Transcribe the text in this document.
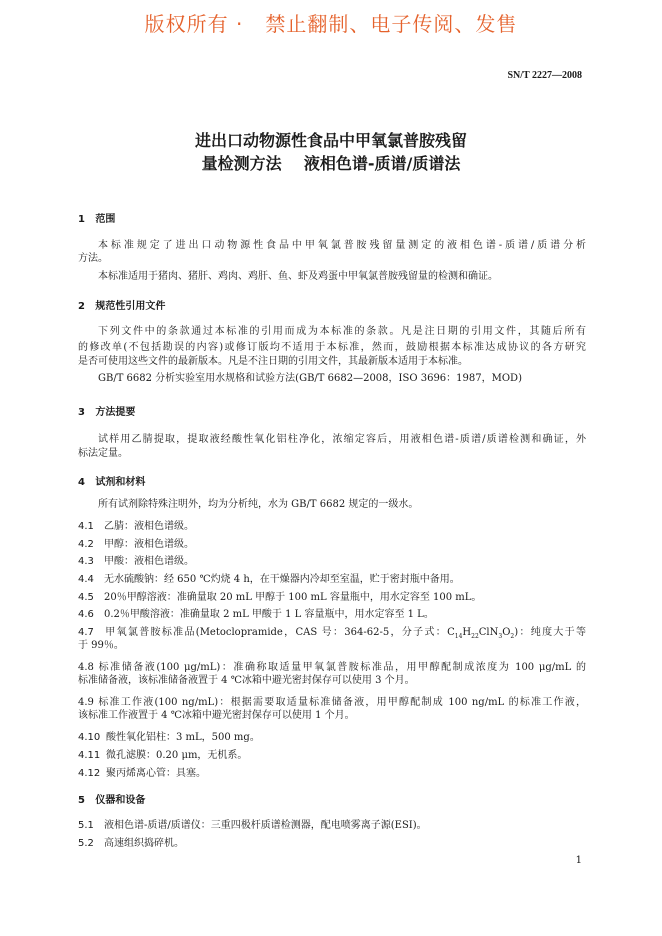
版权所有 ·   禁止翻制、电子传阅、发售
SN/T 2227—2008
进出口动物源性食品中甲氧氯普胺残留
量检测方法    液相色谱-质谱/质谱法
1   范围
本标准规定了进出口动物源性食品中甲氧氯普胺残留量测定的液相色谱-质谱/质谱分析
方法。
本标准适用于猪肉、猪肝、鸡肉、鸡肝、鱼、虾及鸡蛋中甲氧氯普胺残留量的检测和确证。
2   规范性引用文件
下列文件中的条款通过本标准的引用而成为本标准的条款。凡是注日期的引用文件，其随后所有
的修改单(不包括勘误的内容)或修订版均不适用于本标准，然而，鼓励根据本标准达成协议的各方研究
是否可使用这些文件的最新版本。凡是不注日期的引用文件，其最新版本适用于本标准。
GB/T 6682 分析实验室用水规格和试验方法(GB/T 6682—2008，ISO 3696：1987，MOD)
3   方法提要
试样用乙腈提取，提取液经酸性氧化铝柱净化，浓缩定容后，用液相色谱-质谱/质谱检测和确证，外
标法定量。
4   试剂和材料
所有试剂除特殊注明外，均为分析纯，水为 GB/T 6682 规定的一级水。
4.1 乙腈：液相色谱级。
4.2 甲醇：液相色谱级。
4.3 甲酸：液相色谱级。
4.4 无水硫酸钠：经 650 ℃灼烧 4 h，在干燥器内冷却至室温，贮于密封瓶中备用。
4.5 20％甲醇溶液：准确量取 20 mL 甲醇于 100 mL 容量瓶中，用水定容至 100 mL。
4.6 0.2％甲酸溶液：准确量取 2 mL 甲酸于 1 L 容量瓶中，用水定容至 1 L。
4.7 甲氧氯普胺标准品(Metoclopramide，CAS 号：364-62-5，分子式：$C_{14}H_{22}ClN_3O_2$)：纯度大于等
于 99％。
4.8 标准储备液(100 μg/mL)：准确称取适量甲氧氯普胺标准品，用甲醇配制成浓度为 100 μg/mL 的
标准储备液，该标准储备液置于 4 ℃冰箱中避光密封保存可以使用 3 个月。
4.9 标准工作液(100 ng/mL)：根据需要取适量标准储备液，用甲醇配制成 100 ng/mL 的标准工作液，
该标准工作液置于 4 ℃冰箱中避光密封保存可以使用 1 个月。
4.10 酸性氧化铝柱：3 mL，500 mg。
4.11 微孔滤膜：0.20 μm，无机系。
4.12 聚丙烯离心管：具塞。
5   仪器和设备
5.1 液相色谱-质谱/质谱仪：三重四极杆质谱检测器，配电喷雾离子源(ESI)。
5.2 高速组织捣碎机。
1
